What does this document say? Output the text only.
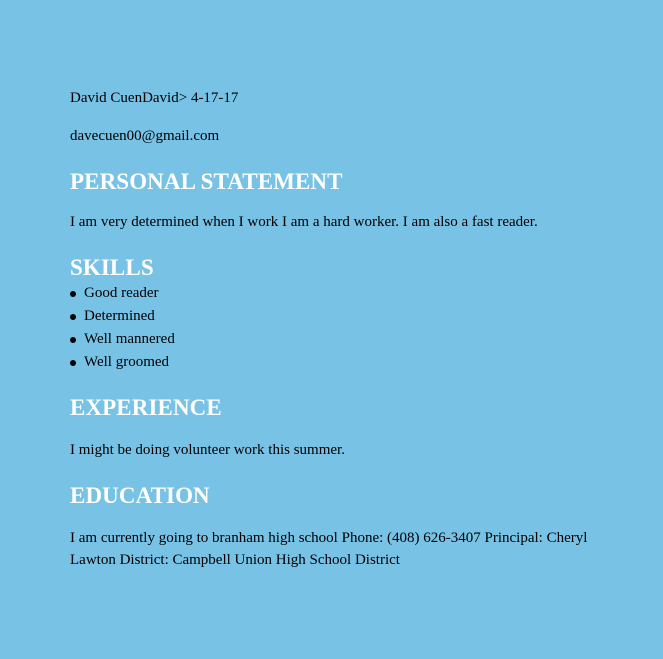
David CuenDavid> 4-17-17

davecuen00@gmail.com

PERSONAL STATEMENT

I am very determined when I work I am a hard worker. I am also a fast reader.

SKILLS
Good reader
Determined
Well mannered
Well groomed
EXPERIENCE

I might be doing volunteer work this summer.

EDUCATION

I am currently going to branham high school Phone: (408) 626-3407 Principal: Cheryl Lawton District: Campbell Union High School District
